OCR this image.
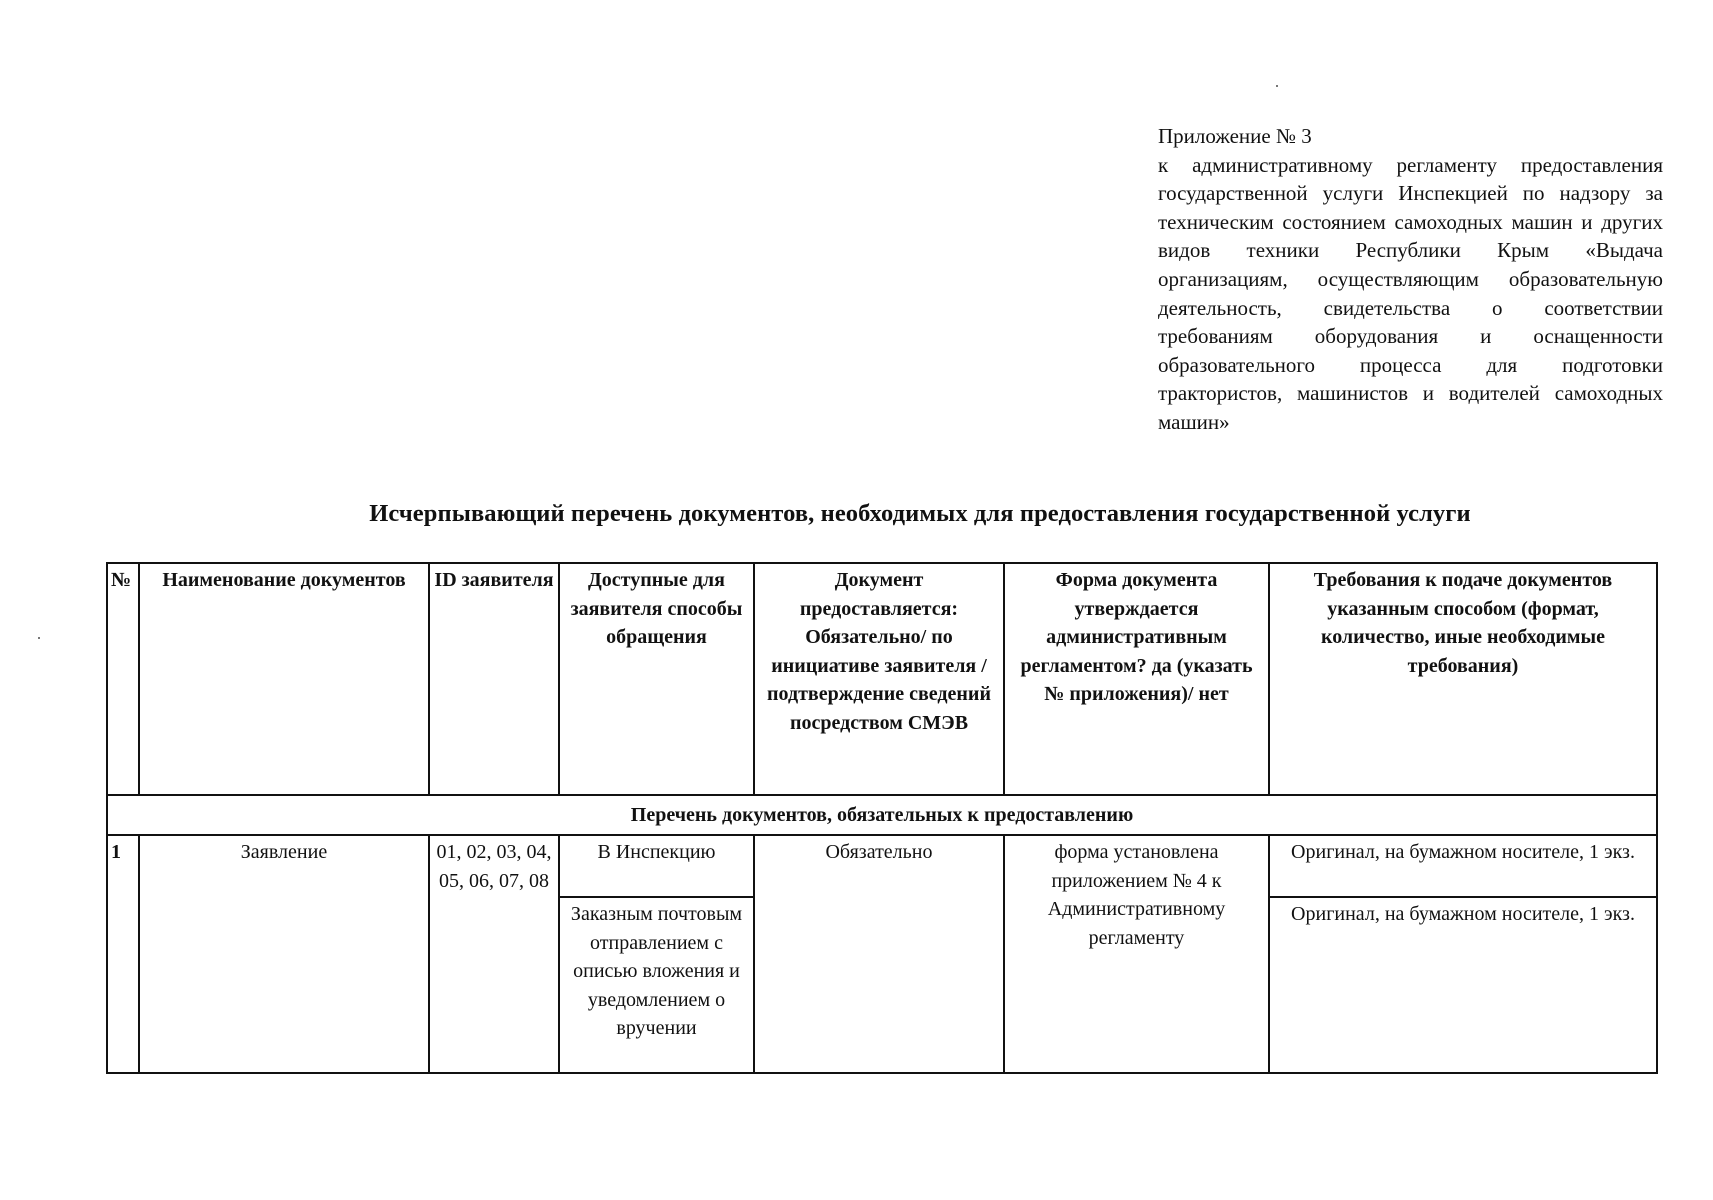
Приложение № 3
к административному регламенту предоставления государственной услуги Инспекцией по надзору за техническим состоянием самоходных машин и других видов техники Республики Крым «Выдача организациям, осуществляющим образовательную деятельность, свидетельства о соответствии требованиям оборудования и оснащенности образовательного процесса для подготовки трактористов, машинистов и водителей самоходных машин»
Исчерпывающий перечень документов, необходимых для предоставления государственной услуги
№	Наименование документов	ID заявителя	Доступные для заявителя способы обращения	Документ предоставляется: Обязательно/ по инициативе заявителя /подтверждение сведений посредством СМЭВ	Форма документа утверждается административным регламентом? да (указать № приложения)/ нет	Требования к подаче документов указанным способом (формат, количество, иные необходимые требования)
Перечень документов, обязательных к предоставлению						
1	Заявление	01, 02, 03, 04, 05, 06, 07, 08	В Инспекцию	Обязательно	форма установлена приложением № 4 к Административному регламенту	Оригинал, на бумажном носителе, 1 экз.
			Заказным почтовым отправлением с описью вложения и уведомлением о вручении			Оригинал, на бумажном носителе, 1 экз.
